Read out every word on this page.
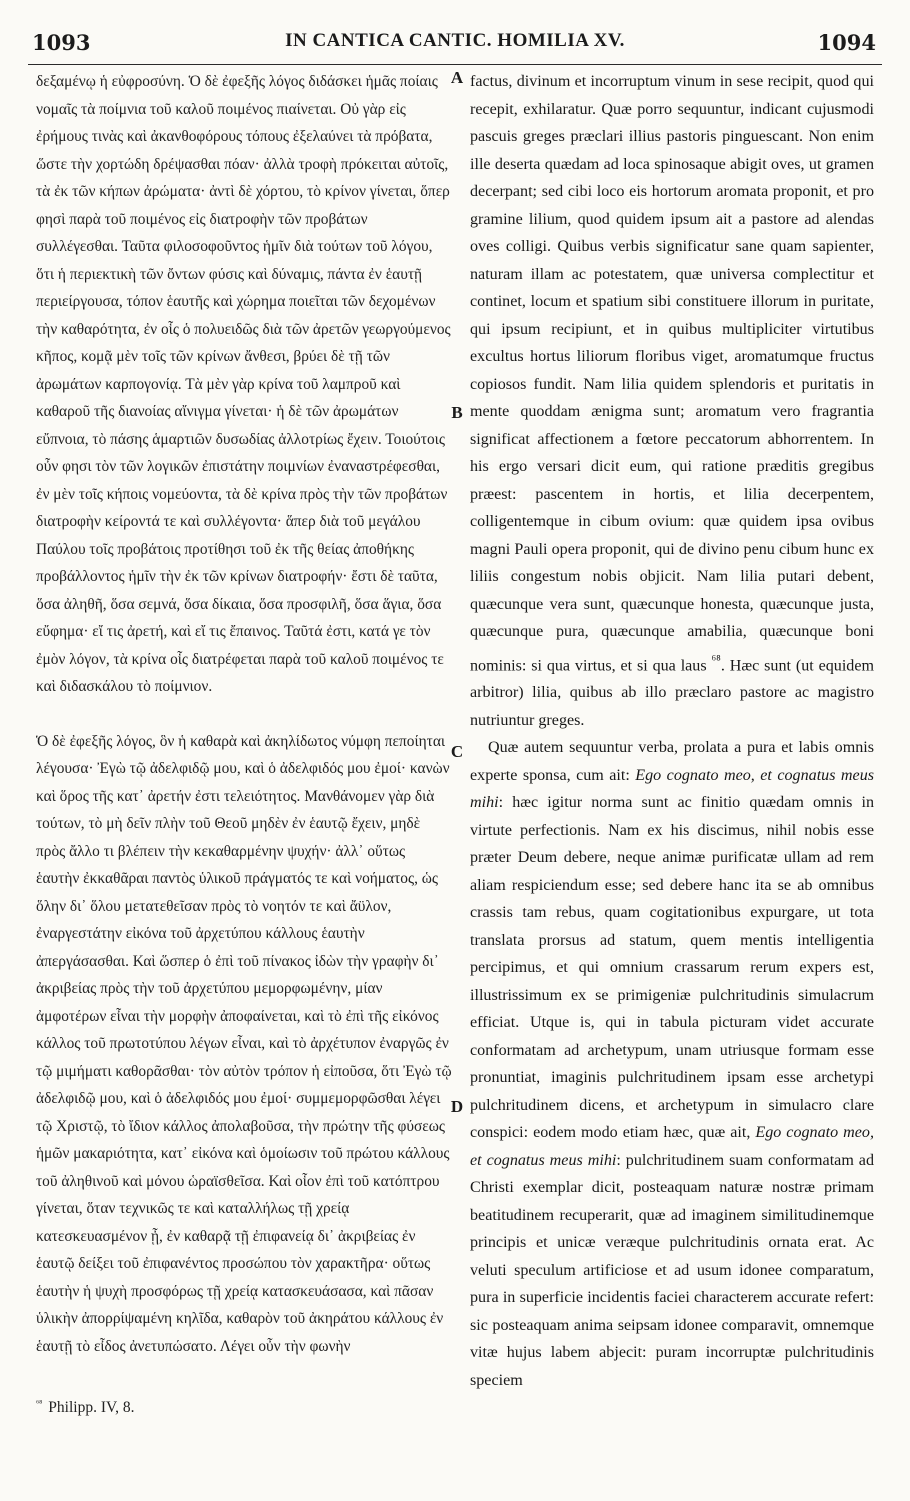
1093	IN CANTICA CANTIC. HOMILIA XV.	1094

δεξαμένῳ ἡ εὐφροσύνη. Ὁ δὲ ἐφεξῆς λόγος διδάσκει ἡμᾶς ποίαις νομαῖς τὰ ποίμνια τοῦ καλοῦ ποιμένος πιαίνεται. Οὐ γὰρ εἰς ἐρήμους τινὰς καὶ ἀκανθοφόρους τόπους ἐξελαύνει τὰ πρόβατα, ὥστε τὴν χορτώδη δρέψασθαι πόαν· ἀλλὰ τροφὴ πρόκειται αὐτοῖς, τὰ ἐκ τῶν κήπων ἀρώματα· ἀντὶ δὲ χόρτου, τὸ κρίνον γίνεται, ὅπερ φησὶ παρὰ τοῦ ποιμένος εἰς διατροφὴν τῶν προβάτων συλλέγεσθαι. Ταῦτα φιλοσοφοῦντος ἡμῖν διὰ τούτων τοῦ λόγου, ὅτι ἡ περιεκτικὴ τῶν ὄντων φύσις καὶ δύναμις, πάντα ἐν ἑαυτῇ περιείργουσα, τόπον ἑαυτῆς καὶ χώρημα ποιεῖται τῶν δεχομένων τὴν καθαρότητα, ἐν οἷς ὁ πολυειδῶς διὰ τῶν ἀρετῶν γεωργούμενος κῆπος, κομᾷ μὲν τοῖς τῶν κρίνων ἄνθεσι, βρύει δὲ τῇ τῶν ἀρωμάτων καρπογονίᾳ. Τὰ μὲν γὰρ κρίνα τοῦ λαμπροῦ καὶ καθαροῦ τῆς διανοίας αἴνιγμα γίνεται· ἡ δὲ τῶν ἀρωμάτων εὔπνοια, τὸ πάσης ἁμαρτιῶν δυσωδίας ἀλλοτρίως ἔχειν. Τοιούτοις οὖν φησι τὸν τῶν λογικῶν ἐπιστάτην ποιμνίων ἐναναστρέφεσθαι, ἐν μὲν τοῖς κήποις νομεύοντα, τὰ δὲ κρίνα πρὸς τὴν τῶν προβάτων διατροφὴν κείροντά τε καὶ συλλέγοντα· ἅπερ διὰ τοῦ μεγάλου Παύλου τοῖς προβάτοις προτίθησι τοῦ ἐκ τῆς θείας ἀποθήκης προβάλλοντος ἡμῖν τὴν ἐκ τῶν κρίνων διατροφήν· ἔστι δὲ ταῦτα, ὅσα ἀληθῆ, ὅσα σεμνά, ὅσα δίκαια, ὅσα προσφιλῆ, ὅσα ἅγια, ὅσα εὔφημα· εἴ τις ἀρετή, καὶ εἴ τις ἔπαινος. Ταῦτά ἐστι, κατά γε τὸν ἐμὸν λόγον, τὰ κρίνα οἷς διατρέφεται παρὰ τοῦ καλοῦ ποιμένος τε καὶ διδασκάλου τὸ ποίμνιον.

Ὁ δὲ ἐφεξῆς λόγος, ὃν ἡ καθαρὰ καὶ ἀκηλίδωτος νύμφη πεποίηται λέγουσα· Ἐγὼ τῷ ἀδελφιδῷ μου, καὶ ὁ ἀδελφιδός μου ἐμοί· κανὼν καὶ ὅρος τῆς κατ᾽ ἀρετήν ἐστι τελειότητος. Μανθάνομεν γὰρ διὰ τούτων, τὸ μὴ δεῖν πλὴν τοῦ Θεοῦ μηδὲν ἐν ἑαυτῷ ἔχειν, μηδὲ πρὸς ἄλλο τι βλέπειν τὴν κεκαθαρμένην ψυχήν· ἀλλ᾽ οὕτως ἑαυτὴν ἐκκαθᾶραι παντὸς ὑλικοῦ πράγματός τε καὶ νοήματος, ὡς ὅλην δι᾽ ὅλου μετατεθεῖσαν πρὸς τὸ νοητόν τε καὶ ἄϋλον, ἐναργεστάτην εἰκόνα τοῦ ἀρχετύπου κάλλους ἑαυτὴν ἀπεργάσασθαι. Καὶ ὥσπερ ὁ ἐπὶ τοῦ πίνακος ἰδὼν τὴν γραφὴν δι᾽ ἀκριβείας πρὸς τὴν τοῦ ἀρχετύπου μεμορφωμένην, μίαν ἀμφοτέρων εἶναι τὴν μορφὴν ἀποφαίνεται, καὶ τὸ ἐπὶ τῆς εἰκόνος κάλλος τοῦ πρωτοτύπου λέγων εἶναι, καὶ τὸ ἀρχέτυπον ἐναργῶς ἐν τῷ μιμήματι καθορᾶσθαι· τὸν αὐτὸν τρόπον ἡ εἰποῦσα, ὅτι Ἐγὼ τῷ ἀδελφιδῷ μου, καὶ ὁ ἀδελφιδός μου ἐμοί· συμμεμορφῶσθαι λέγει τῷ Χριστῷ, τὸ ἴδιον κάλλος ἀπολαβοῦσα, τὴν πρώτην τῆς φύσεως ἡμῶν μακαριότητα, κατ᾽ εἰκόνα καὶ ὁμοίωσιν τοῦ πρώτου κάλλους τοῦ ἀληθινοῦ καὶ μόνου ὡραϊσθεῖσα. Καὶ οἷον ἐπὶ τοῦ κατόπτρου γίνεται, ὅταν τεχνικῶς τε καὶ καταλλήλως τῇ χρείᾳ κατεσκευασμένον ᾖ, ἐν καθαρᾷ τῇ ἐπιφανείᾳ δι᾽ ἀκριβείας ἐν ἑαυτῷ δείξει τοῦ ἐπιφανέντος προσώπου τὸν χαρακτῆρα· οὕτως ἑαυτὴν ἡ ψυχὴ προσφόρως τῇ χρείᾳ κατασκευάσασα, καὶ πᾶσαν ὑλικὴν ἀπορρίψαμένη κηλῖδα, καθαρὸν τοῦ ἀκηράτου κάλλους ἐν ἑαυτῇ τὸ εἶδος ἀνετυπώσατο. Λέγει οὖν τὴν φωνὴν

$^{^{68}}$ Philipp. IV, 8.

A
B
C
D

factus, divinum et incorruptum vinum in sese recipit, quod qui recepit, exhilaratur. Quæ porro sequuntur, indicant cujusmodi pascuis greges præclari illius pastoris pinguescant. Non enim ille deserta quædam ad loca spinosaque abigit oves, ut gramen decerpant; sed cibi loco eis hortorum aromata proponit, et pro gramine lilium, quod quidem ipsum ait a pastore ad alendas oves colligi. Quibus verbis significatur sane quam sapienter, naturam illam ac potestatem, quæ universa complectitur et continet, locum et spatium sibi constituere illorum in puritate, qui ipsum recipiunt, et in quibus multipliciter virtutibus excultus hortus liliorum floribus viget, aromatumque fructus copiosos fundit. Nam lilia quidem splendoris et puritatis in mente quoddam ænigma sunt; aromatum vero fragrantia significat affectionem a fœtore peccatorum abhorrentem. In his ergo versari dicit eum, qui ratione præditis gregibus præest: pascentem in hortis, et lilia decerpentem, colligentemque in cibum ovium: quæ quidem ipsa ovibus magni Pauli opera proponit, qui de divino penu cibum hunc ex liliis congestum nobis objicit. Nam lilia putari debent, quæcunque vera sunt, quæcunque honesta, quæcunque justa, quæcunque pura, quæcunque amabilia, quæcunque boni nominis: si qua virtus, et si qua laus $^{^{68}}$. Hæc sunt (ut equidem arbitror) lilia, quibus ab illo præclaro pastore ac magistro nutriuntur greges.

Quæ autem sequuntur verba, prolata a pura et labis omnis experte sponsa, cum ait: Ego cognato meo, et cognatus meus mihi: hæc igitur norma sunt ac finitio quædam omnis in virtute perfectionis. Nam ex his discimus, nihil nobis esse præter Deum debere, neque animæ purificatæ ullam ad rem aliam respiciendum esse; sed debere hanc ita se ab omnibus crassis tam rebus, quam cogitationibus expurgare, ut tota translata prorsus ad statum, quem mentis intelligentia percipimus, et qui omnium crassarum rerum expers est, illustrissimum ex se primigeniæ pulchritudinis simulacrum efficiat. Utque is, qui in tabula picturam videt accurate conformatam ad archetypum, unam utriusque formam esse pronuntiat, imaginis pulchritudinem ipsam esse archetypi pulchritudinem dicens, et archetypum in simulacro clare conspici: eodem modo etiam hæc, quæ ait, Ego cognato meo, et cognatus meus mihi: pulchritudinem suam conformatam ad Christi exemplar dicit, posteaquam naturæ nostræ primam beatitudinem recuperarit, quæ ad imaginem similitudinemque principis et unicæ veræque pulchritudinis ornata erat. Ac veluti speculum artificiose et ad usum idonee comparatum, pura in superficie incidentis faciei characterem accurate refert: sic posteaquam anima seipsam idonee comparavit, omnemque vitæ hujus labem abjecit: puram incorruptæ pulchritudinis speciem
